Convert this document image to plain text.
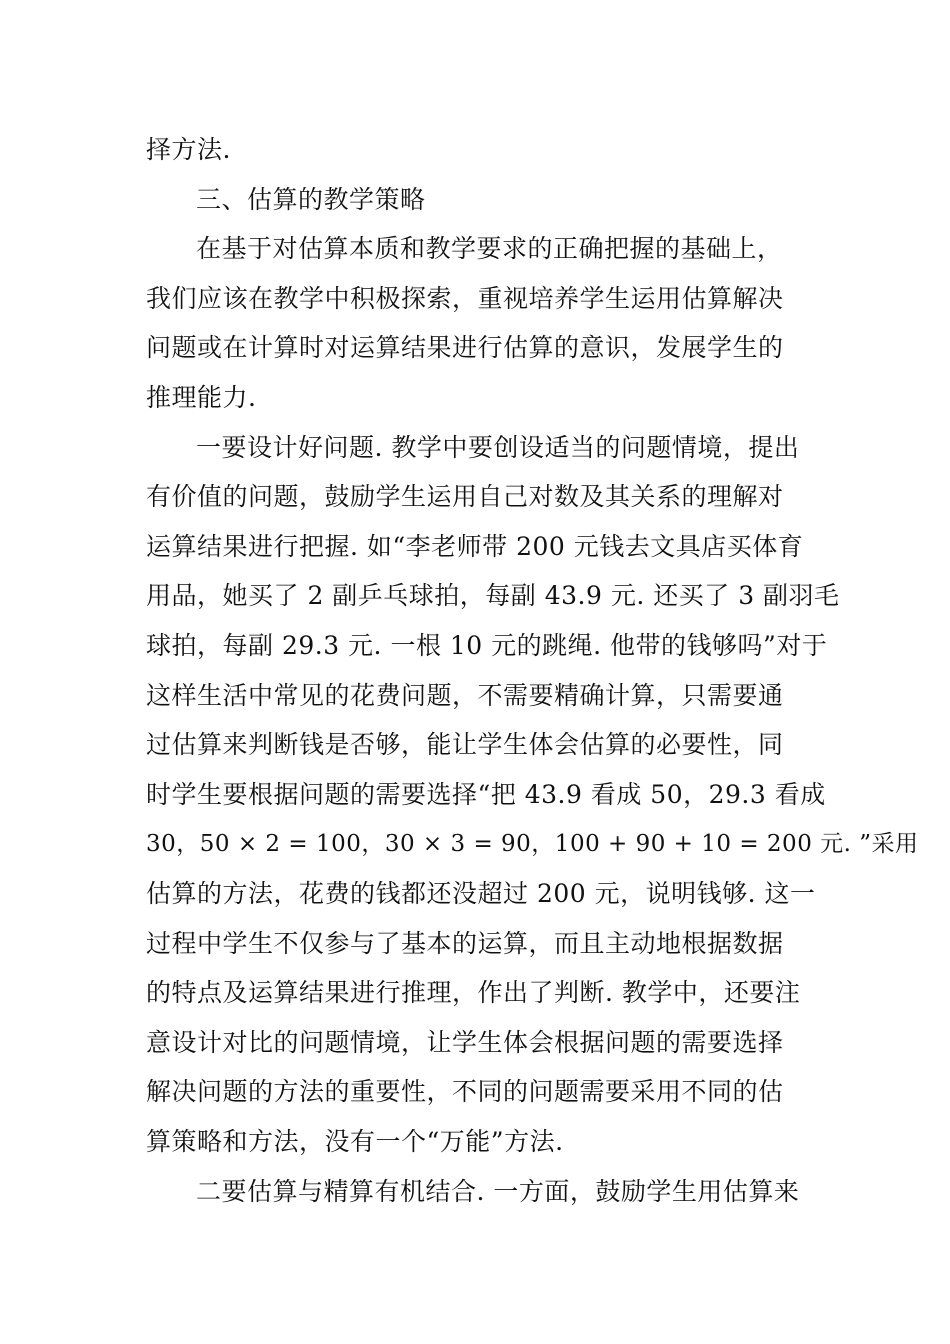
择方法.
三、估算的教学策略
在基于对估算本质和教学要求的正确把握的基础上，
我们应该在教学中积极探索，重视培养学生运用估算解决
问题或在计算时对运算结果进行估算的意识，发展学生的
推理能力.
一要设计好问题. 教学中要创设适当的问题情境，提出
有价值的问题，鼓励学生运用自己对数及其关系的理解对
运算结果进行把握. 如“李老师带 200 元钱去文具店买体育
用品，她买了 2 副乒乓球拍，每副 43.9 元. 还买了 3 副羽毛
球拍，每副 29.3 元. 一根 10 元的跳绳. 他带的钱够吗”对于
这样生活中常见的花费问题，不需要精确计算，只需要通
过估算来判断钱是否够，能让学生体会估算的必要性，同
时学生要根据问题的需要选择“把 43.9 看成 50，29.3 看成
30，50 × 2 = 100，30 × 3 = 90，100 + 90 + 10 = 200 元. ”采用
估算的方法，花费的钱都还没超过 200 元，说明钱够. 这一
过程中学生不仅参与了基本的运算，而且主动地根据数据
的特点及运算结果进行推理，作出了判断. 教学中，还要注
意设计对比的问题情境，让学生体会根据问题的需要选择
解决问题的方法的重要性，不同的问题需要采用不同的估
算策略和方法，没有一个“万能”方法.
二要估算与精算有机结合. 一方面，鼓励学生用估算来
